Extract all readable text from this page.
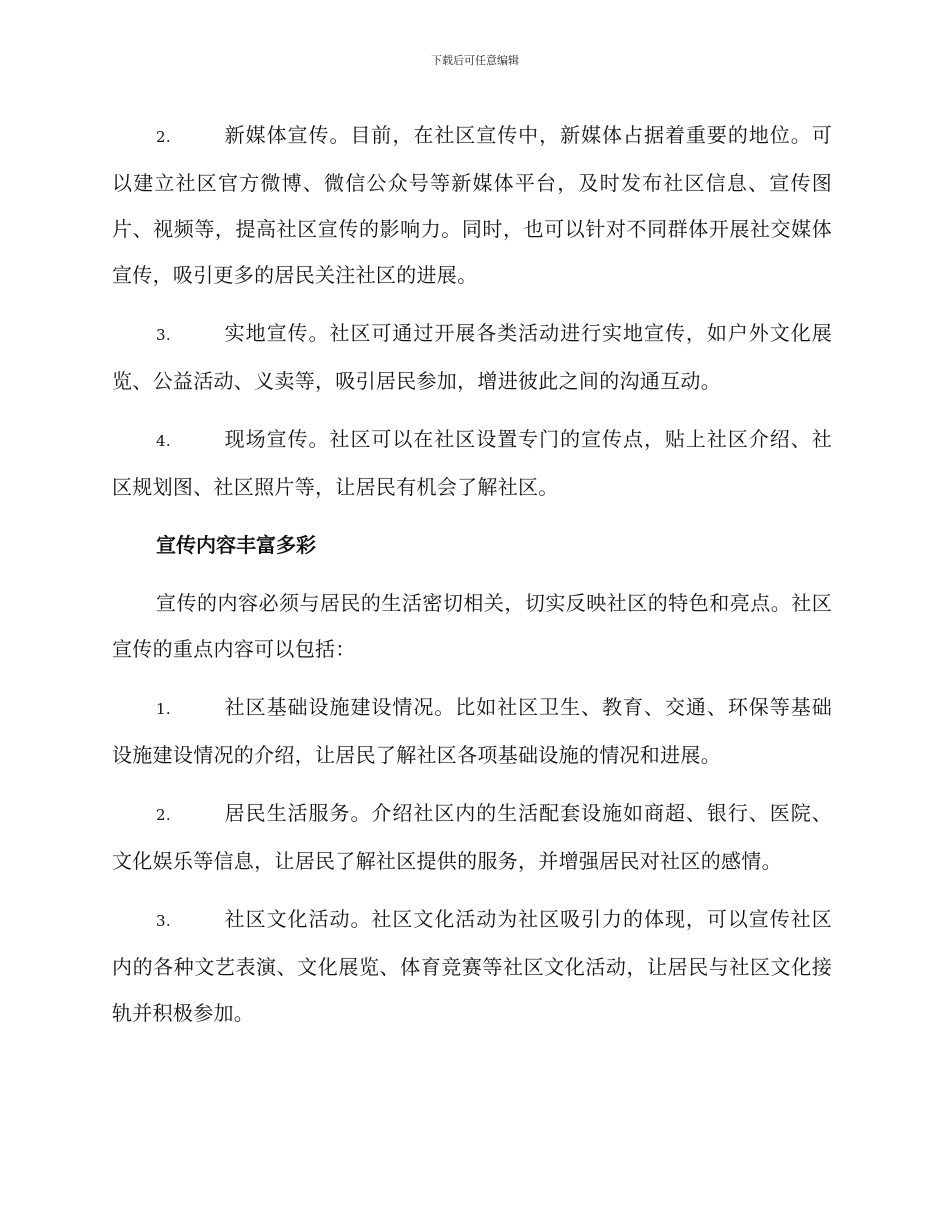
下载后可任意编辑

2.	新媒体宣传。目前，在社区宣传中，新媒体占据着重要的地位。可以建立社区官方微博、微信公众号等新媒体平台，及时发布社区信息、宣传图片、视频等，提高社区宣传的影响力。同时，也可以针对不同群体开展社交媒体宣传，吸引更多的居民关注社区的进展。

3.	实地宣传。社区可通过开展各类活动进行实地宣传，如户外文化展览、公益活动、义卖等，吸引居民参加，增进彼此之间的沟通互动。

4.	现场宣传。社区可以在社区设置专门的宣传点，贴上社区介绍、社区规划图、社区照片等，让居民有机会了解社区。

宣传内容丰富多彩

宣传的内容必须与居民的生活密切相关，切实反映社区的特色和亮点。社区宣传的重点内容可以包括：

1.	社区基础设施建设情况。比如社区卫生、教育、交通、环保等基础设施建设情况的介绍，让居民了解社区各项基础设施的情况和进展。

2.	居民生活服务。介绍社区内的生活配套设施如商超、银行、医院、文化娱乐等信息，让居民了解社区提供的服务，并增强居民对社区的感情。

3.	社区文化活动。社区文化活动为社区吸引力的体现，可以宣传社区内的各种文艺表演、文化展览、体育竞赛等社区文化活动，让居民与社区文化接轨并积极参加。
